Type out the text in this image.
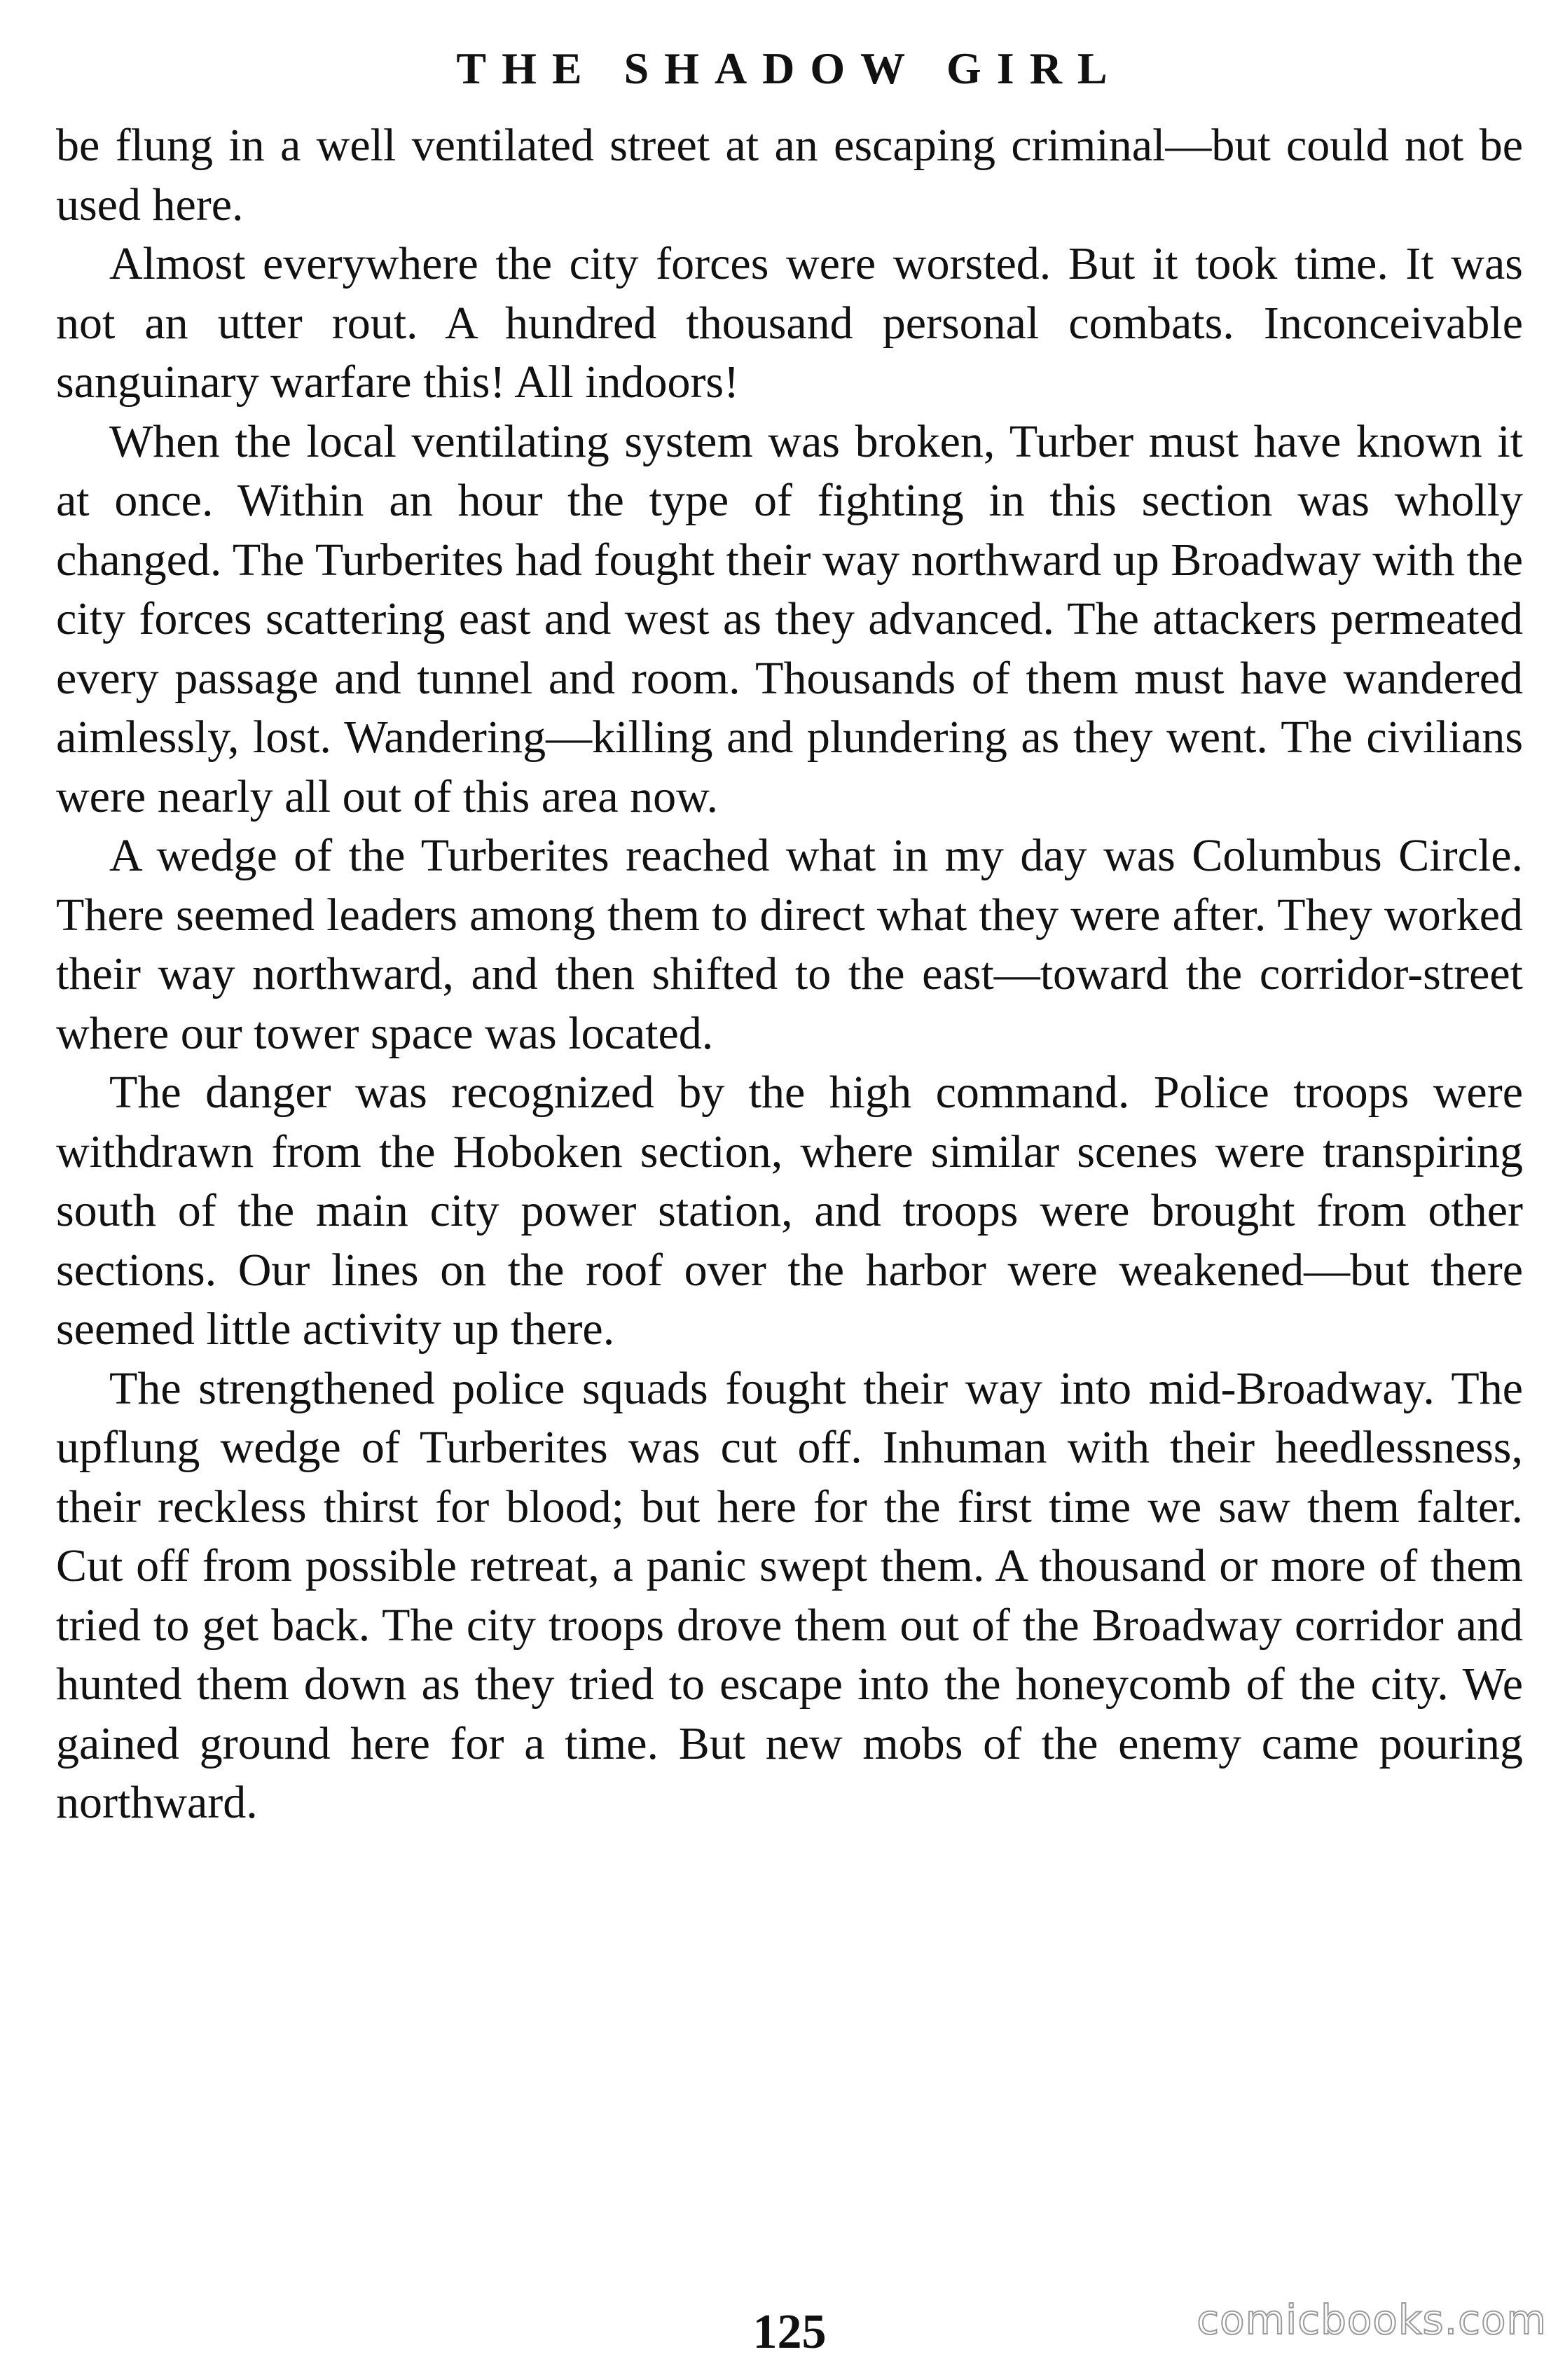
THE SHADOW GIRL

be flung in a well ventilated street at an escaping criminal—but could not be used here.

Almost everywhere the city forces were worsted. But it took time. It was not an utter rout. A hundred thousand personal combats. Inconceivable sanguinary warfare this! All indoors!

When the local ventilating system was broken, Turber must have known it at once. Within an hour the type of fighting in this section was wholly changed. The Turberites had fought their way northward up Broadway with the city forces scattering east and west as they advanced. The attackers permeated every passage and tunnel and room. Thousands of them must have wandered aimlessly, lost. Wandering—killing and plundering as they went. The civilians were nearly all out of this area now.

A wedge of the Turberites reached what in my day was Columbus Circle. There seemed leaders among them to direct what they were after. They worked their way northward, and then shifted to the east—toward the corridor-street where our tower space was located.

The danger was recognized by the high command. Police troops were withdrawn from the Hoboken section, where similar scenes were transpiring south of the main city power station, and troops were brought from other sections. Our lines on the roof over the harbor were weakened—but there seemed little activity up there.

The strengthened police squads fought their way into mid-Broadway. The upflung wedge of Turberites was cut off. Inhuman with their heedlessness, their reckless thirst for blood; but here for the first time we saw them falter. Cut off from possible retreat, a panic swept them. A thousand or more of them tried to get back. The city troops drove them out of the Broadway corridor and hunted them down as they tried to escape into the honeycomb of the city. We gained ground here for a time. But new mobs of the enemy came pouring northward.

125	comicbooks.com
